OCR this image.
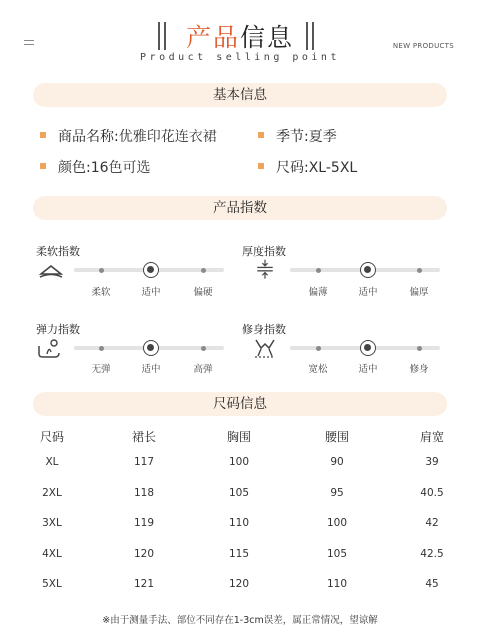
产品信息
Product selling point
NEW PRODUCTS
基本信息
商品名称:优雅印花连衣裙	季节:夏季
颜色:16色可选	尺码:XL-5XL
产品指数
柔软指数
柔软	适中	偏硬
厚度指数
偏薄	适中	偏厚
弹力指数
无弹	适中	高弹
修身指数
宽松	适中	修身
尺码信息
尺码	裙长	胸围	腰围	肩宽
XL	117	100	90	39
2XL	118	105	95	40.5
3XL	119	110	100	42
4XL	120	115	105	42.5
5XL	121	120	110	45
※由于测量手法、部位不同存在1-3cm误差，属正常情况，望谅解
